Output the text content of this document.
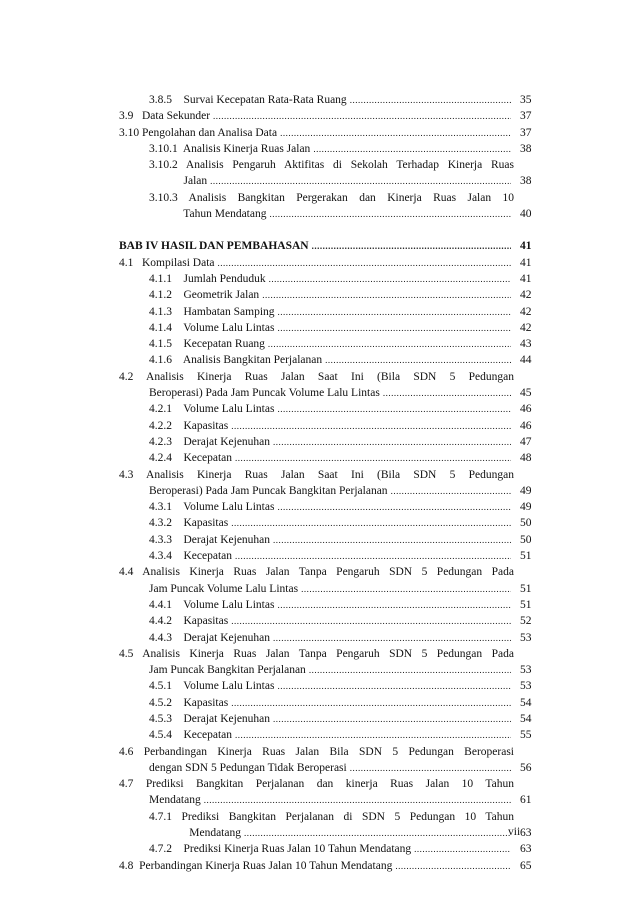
3.8.5    Survai Kecepatan Rata-Rata Ruang .....	35
3.9   Data Sekunder .....	37
3.10 Pengolahan dan Analisa Data .....	37
3.10.1  Analisis Kinerja Ruas Jalan .....	38
3.10.2 Analisis Pengaruh Aktifitas di Sekolah Terhadap Kinerja Ruas
Jalan .....	38
3.10.3 Analisis Bangkitan Pergerakan dan Kinerja Ruas Jalan 10
Tahun Mendatang .....	40
BAB IV HASIL DAN PEMBAHASAN .....	41
4.1   Kompilasi Data .....	41
4.1.1    Jumlah Penduduk .....	41
4.1.2    Geometrik Jalan .....	42
4.1.3    Hambatan Samping .....	42
4.1.4    Volume Lalu Lintas .....	42
4.1.5    Kecepatan Ruang .....	43
4.1.6    Analisis Bangkitan Perjalanan .....	44
4.2 Analisis Kinerja Ruas Jalan Saat Ini (Bila SDN 5 Pedungan
Beroperasi) Pada Jam Puncak Volume Lalu Lintas .....	45
4.2.1    Volume Lalu Lintas .....	46
4.2.2    Kapasitas .....	46
4.2.3    Derajat Kejenuhan .....	47
4.2.4    Kecepatan .....	48
4.3 Analisis Kinerja Ruas Jalan Saat Ini (Bila SDN 5 Pedungan
Beroperasi) Pada Jam Puncak Bangkitan Perjalanan .....	49
4.3.1    Volume Lalu Lintas .....	49
4.3.2    Kapasitas .....	50
4.3.3    Derajat Kejenuhan .....	50
4.3.4    Kecepatan .....	51
4.4 Analisis Kinerja Ruas Jalan Tanpa Pengaruh SDN 5 Pedungan Pada
Jam Puncak Volume Lalu Lintas .....	51
4.4.1    Volume Lalu Lintas .....	51
4.4.2    Kapasitas .....	52
4.4.3    Derajat Kejenuhan .....	53
4.5 Analisis Kinerja Ruas Jalan Tanpa Pengaruh SDN 5 Pedungan Pada
Jam Puncak Bangkitan Perjalanan .....	53
4.5.1    Volume Lalu Lintas .....	53
4.5.2    Kapasitas .....	54
4.5.3    Derajat Kejenuhan .....	54
4.5.4    Kecepatan .....	55
4.6 Perbandingan Kinerja Ruas Jalan Bila SDN 5 Pedungan Beroperasi
dengan SDN 5 Pedungan Tidak Beroperasi .....	56
4.7 Prediksi Bangkitan Perjalanan dan kinerja Ruas Jalan 10 Tahun
Mendatang .....	61
4.7.1 Prediksi Bangkitan Perjalanan di SDN 5 Pedungan 10 Tahun
Mendatang .....	63
4.7.2    Prediksi Kinerja Ruas Jalan 10 Tahun Mendatang .....	63
4.8  Perbandingan Kinerja Ruas Jalan 10 Tahun Mendatang .....	65
vii
